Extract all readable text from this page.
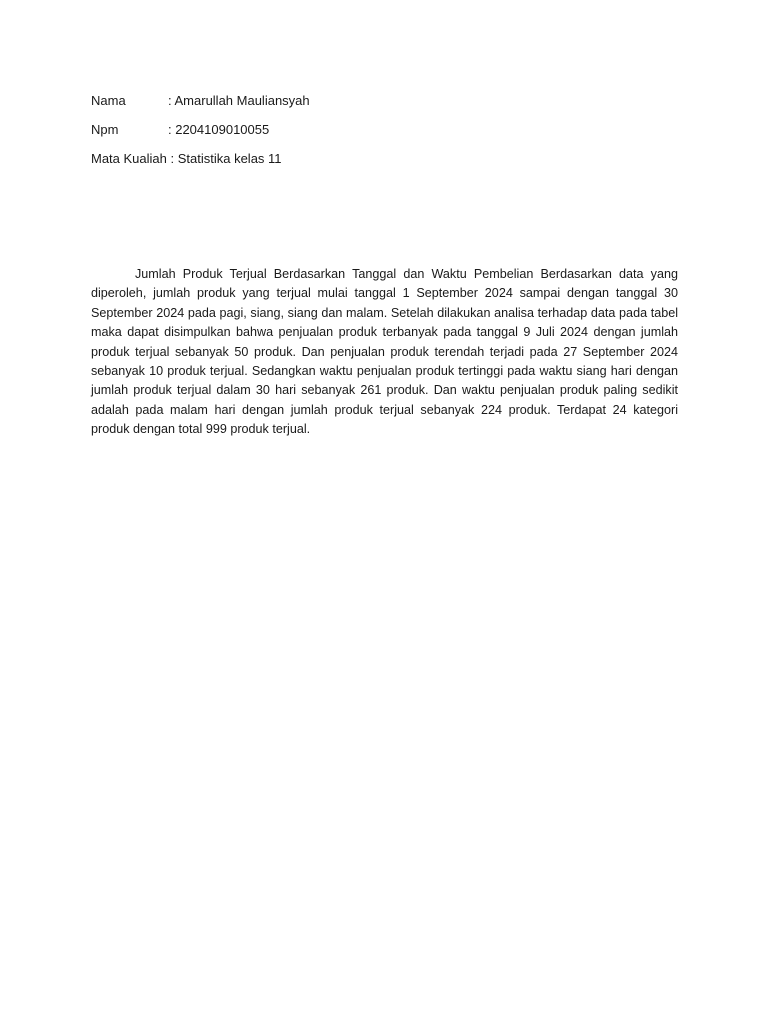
Nama	: Amarullah Mauliansyah
Npm	: 2204109010055
Mata Kualiah : Statistika kelas 11

Jumlah Produk Terjual Berdasarkan Tanggal dan Waktu Pembelian Berdasarkan data yang diperoleh, jumlah produk yang terjual mulai tanggal 1 September 2024 sampai dengan tanggal 30 September 2024 pada pagi, siang, siang dan malam. Setelah dilakukan analisa terhadap data pada tabel maka dapat disimpulkan bahwa penjualan produk terbanyak pada tanggal 9 Juli 2024 dengan jumlah produk terjual sebanyak 50 produk. Dan penjualan produk terendah terjadi pada 27 September 2024 sebanyak 10 produk terjual. Sedangkan waktu penjualan produk tertinggi pada waktu siang hari dengan jumlah produk terjual dalam 30 hari sebanyak 261 produk. Dan waktu penjualan produk paling sedikit adalah pada malam hari dengan jumlah produk terjual sebanyak 224 produk. Terdapat 24 kategori produk dengan total 999 produk terjual.
